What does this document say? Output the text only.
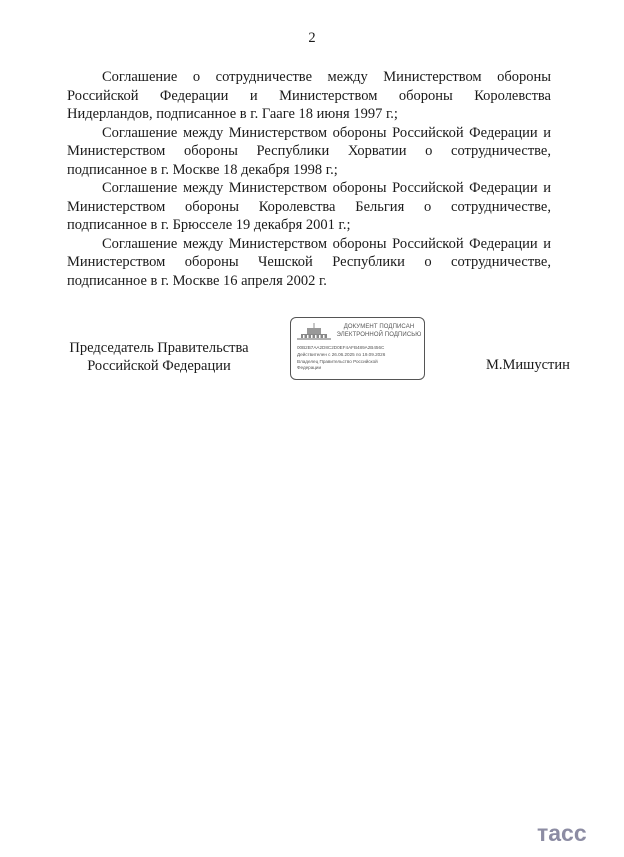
2

Соглашение о сотрудничестве между Министерством обороны Российской Федерации и Министерством обороны Королевства Нидерландов, подписанное в г. Гааге 18 июня 1997 г.;

Соглашение между Министерством обороны Российской Федерации и Министерством обороны Республики Хорватии о сотрудничестве, подписанное в г. Москве 18 декабря 1998 г.;

Соглашение между Министерством обороны Российской Федерации и Министерством обороны Королевства Бельгия о сотрудничестве, подписанное в г. Брюсселе 19 декабря 2001 г.;

Соглашение между Министерством обороны Российской Федерации и Министерством обороны Чешской Республики о сотрудничестве, подписанное в г. Москве 16 апреля 2002 г.

Председатель Правительства
Российской Федерации
ДОКУМЕНТ ПОДПИСАН
ЭЛЕКТРОННОЙ ПОДПИСЬЮ
00B2B7AA2D8C2D0EF4AFB489A2B456C
Действителен с 26.06.2025 по 19.09.2026
Владелец Правительство Российской
Федерации	М.Мишустин
тасс
